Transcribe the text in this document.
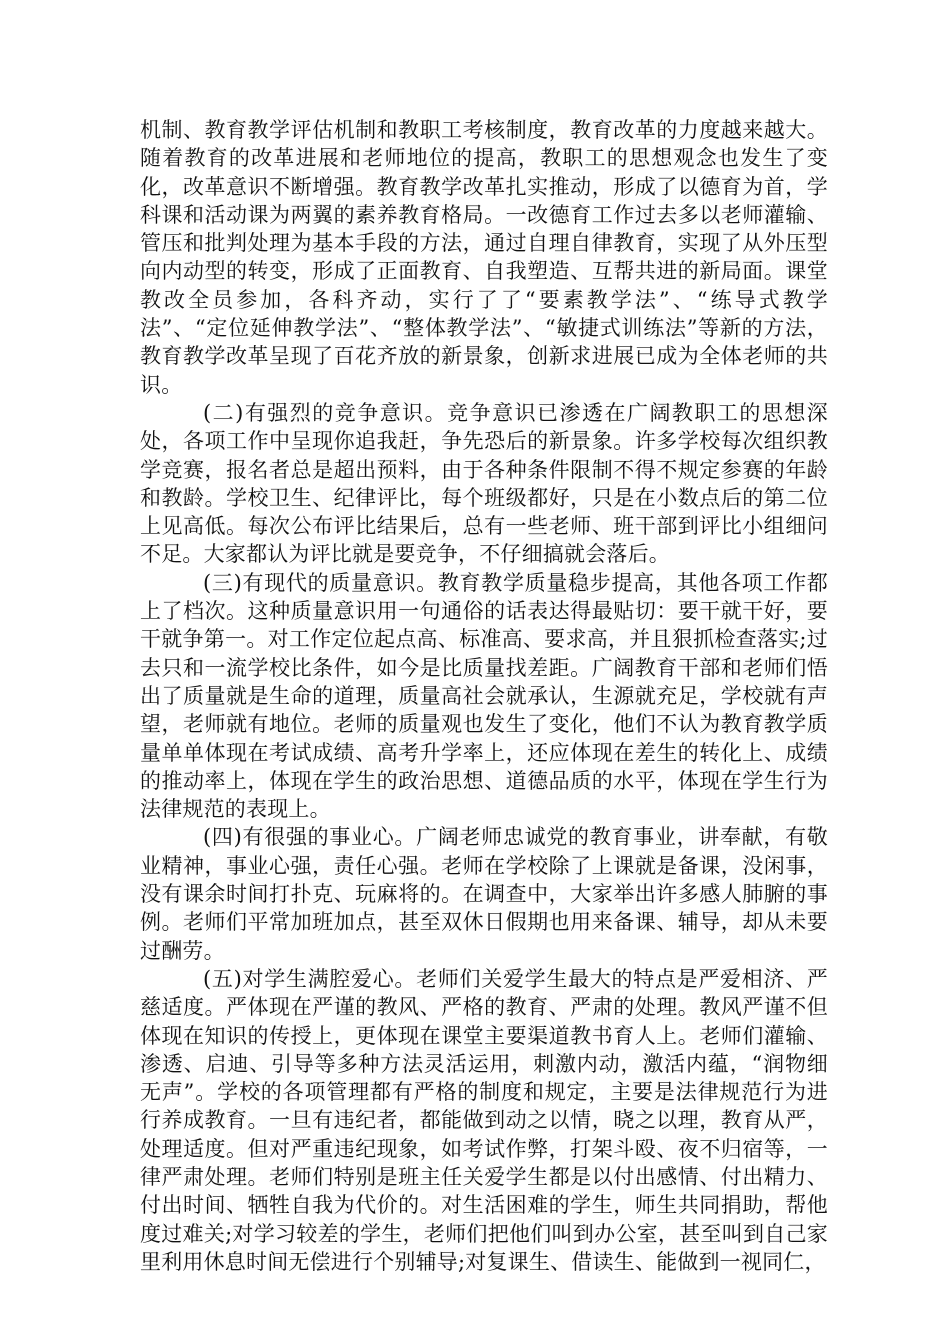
机制、教育教学评估机制和教职工考核制度，教育改革的力度越来越大。随着教育的改革进展和老师地位的提高，教职工的思想观念也发生了变化，改革意识不断增强。教育教学改革扎实推动，形成了以德育为首，学科课和活动课为两翼的素养教育格局。一改德育工作过去多以老师灌输、管压和批判处理为基本手段的方法，通过自理自律教育，实现了从外压型向内动型的转变，形成了正面教育、自我塑造、互帮共进的新局面。课堂教改全员参加，各科齐动，实行了了“要素教学法”、“练导式教学法”、“定位延伸教学法”、“整体教学法”、“敏捷式训练法”等新的方法，教育教学改革呈现了百花齐放的新景象，创新求进展已成为全体老师的共识。

(二)有强烈的竞争意识。竞争意识已渗透在广阔教职工的思想深处，各项工作中呈现你追我赶，争先恐后的新景象。许多学校每次组织教学竞赛，报名者总是超出预料，由于各种条件限制不得不规定参赛的年龄和教龄。学校卫生、纪律评比，每个班级都好，只是在小数点后的第二位上见高低。每次公布评比结果后，总有一些老师、班干部到评比小组细问不足。大家都认为评比就是要竞争，不仔细搞就会落后。

(三)有现代的质量意识。教育教学质量稳步提高，其他各项工作都上了档次。这种质量意识用一句通俗的话表达得最贴切：要干就干好，要干就争第一。对工作定位起点高、标准高、要求高，并且狠抓检查落实;过去只和一流学校比条件，如今是比质量找差距。广阔教育干部和老师们悟出了质量就是生命的道理，质量高社会就承认，生源就充足，学校就有声望，老师就有地位。老师的质量观也发生了变化，他们不认为教育教学质量单单体现在考试成绩、高考升学率上，还应体现在差生的转化上、成绩的推动率上，体现在学生的政治思想、道德品质的水平，体现在学生行为法律规范的表现上。

(四)有很强的事业心。广阔老师忠诚党的教育事业，讲奉献，有敬业精神，事业心强，责任心强。老师在学校除了上课就是备课，没闲事，没有课余时间打扑克、玩麻将的。在调查中，大家举出许多感人肺腑的事例。老师们平常加班加点，甚至双休日假期也用来备课、辅导，却从未要过酬劳。

(五)对学生满腔爱心。老师们关爱学生最大的特点是严爱相济、严慈适度。严体现在严谨的教风、严格的教育、严肃的处理。教风严谨不但体现在知识的传授上，更体现在课堂主要渠道教书育人上。老师们灌输、渗透、启迪、引导等多种方法灵活运用，刺激内动，激活内蕴，“润物细无声”。学校的各项管理都有严格的制度和规定，主要是法律规范行为进行养成教育。一旦有违纪者，都能做到动之以情，晓之以理，教育从严，处理适度。但对严重违纪现象，如考试作弊，打架斗殴、夜不归宿等，一律严肃处理。老师们特别是班主任关爱学生都是以付出感情、付出精力、付出时间、牺牲自我为代价的。对生活困难的学生，师生共同捐助，帮他度过难关;对学习较差的学生，老师们把他们叫到办公室，甚至叫到自己家里利用休息时间无偿进行个别辅导;对复课生、借读生、能做到一视同仁，
